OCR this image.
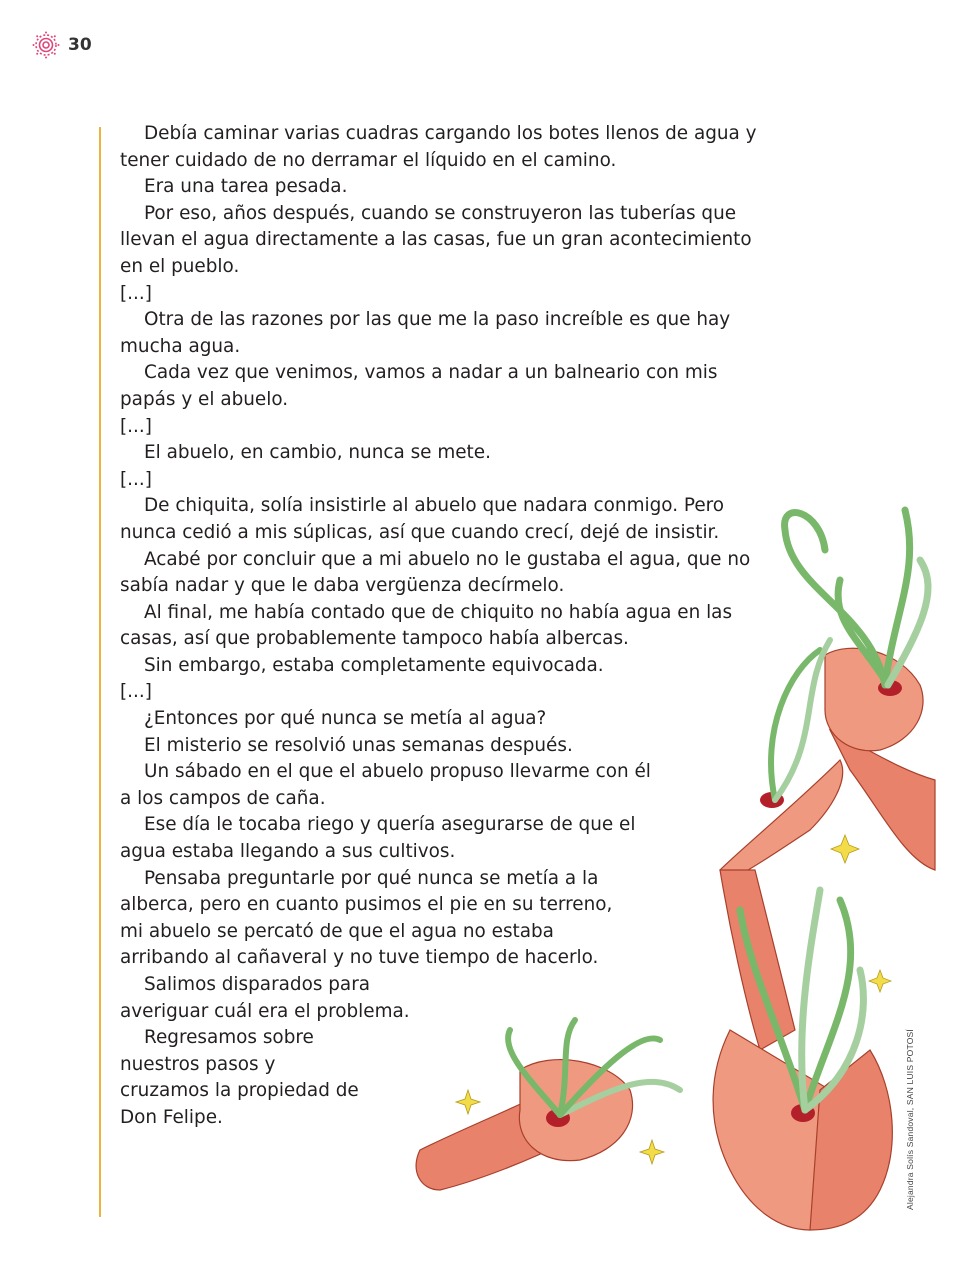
30

Debía caminar varias cuadras cargando los botes llenos de agua y tener cuidado de no derramar el líquido en el camino.

Era una tarea pesada.

Por eso, años después, cuando se construyeron las tuberías que llevan el agua directamente a las casas, fue un gran acontecimiento en el pueblo.

[...]

Otra de las razones por las que me la paso increíble es que hay mucha agua.

Cada vez que venimos, vamos a nadar a un balneario con mis papás y el abuelo.

[...]

El abuelo, en cambio, nunca se mete.

[...]

De chiquita, solía insistirle al abuelo que nadara conmigo. Pero nunca cedió a mis súplicas, así que cuando crecí, dejé de insistir.

Acabé por concluir que a mi abuelo no le gustaba el agua, que no sabía nadar y que le daba vergüenza decírmelo.

Al final, me había contado que de chiquito no había agua en las casas, así que probablemente tampoco había albercas.

Sin embargo, estaba completamente equivocada.

[...]

¿Entonces por qué nunca se metía al agua?

El misterio se resolvió unas semanas después.

Un sábado en el que el abuelo propuso llevarme con él a los campos de caña.

Ese día le tocaba riego y quería asegurarse de que el agua estaba llegando a sus cultivos.

Pensaba preguntarle por qué nunca se metía a la alberca, pero en cuanto pusimos el pie en su terreno, mi abuelo se percató de que el agua no estaba arribando al cañaveral y no tuve tiempo de hacerlo.

Salimos disparados para averiguar cuál era el problema.

Regresamos sobre nuestros pasos y cruzamos la propiedad de Don Felipe.	Alejandra Solís Sandoval, SAN LUIS POTOSÍ
